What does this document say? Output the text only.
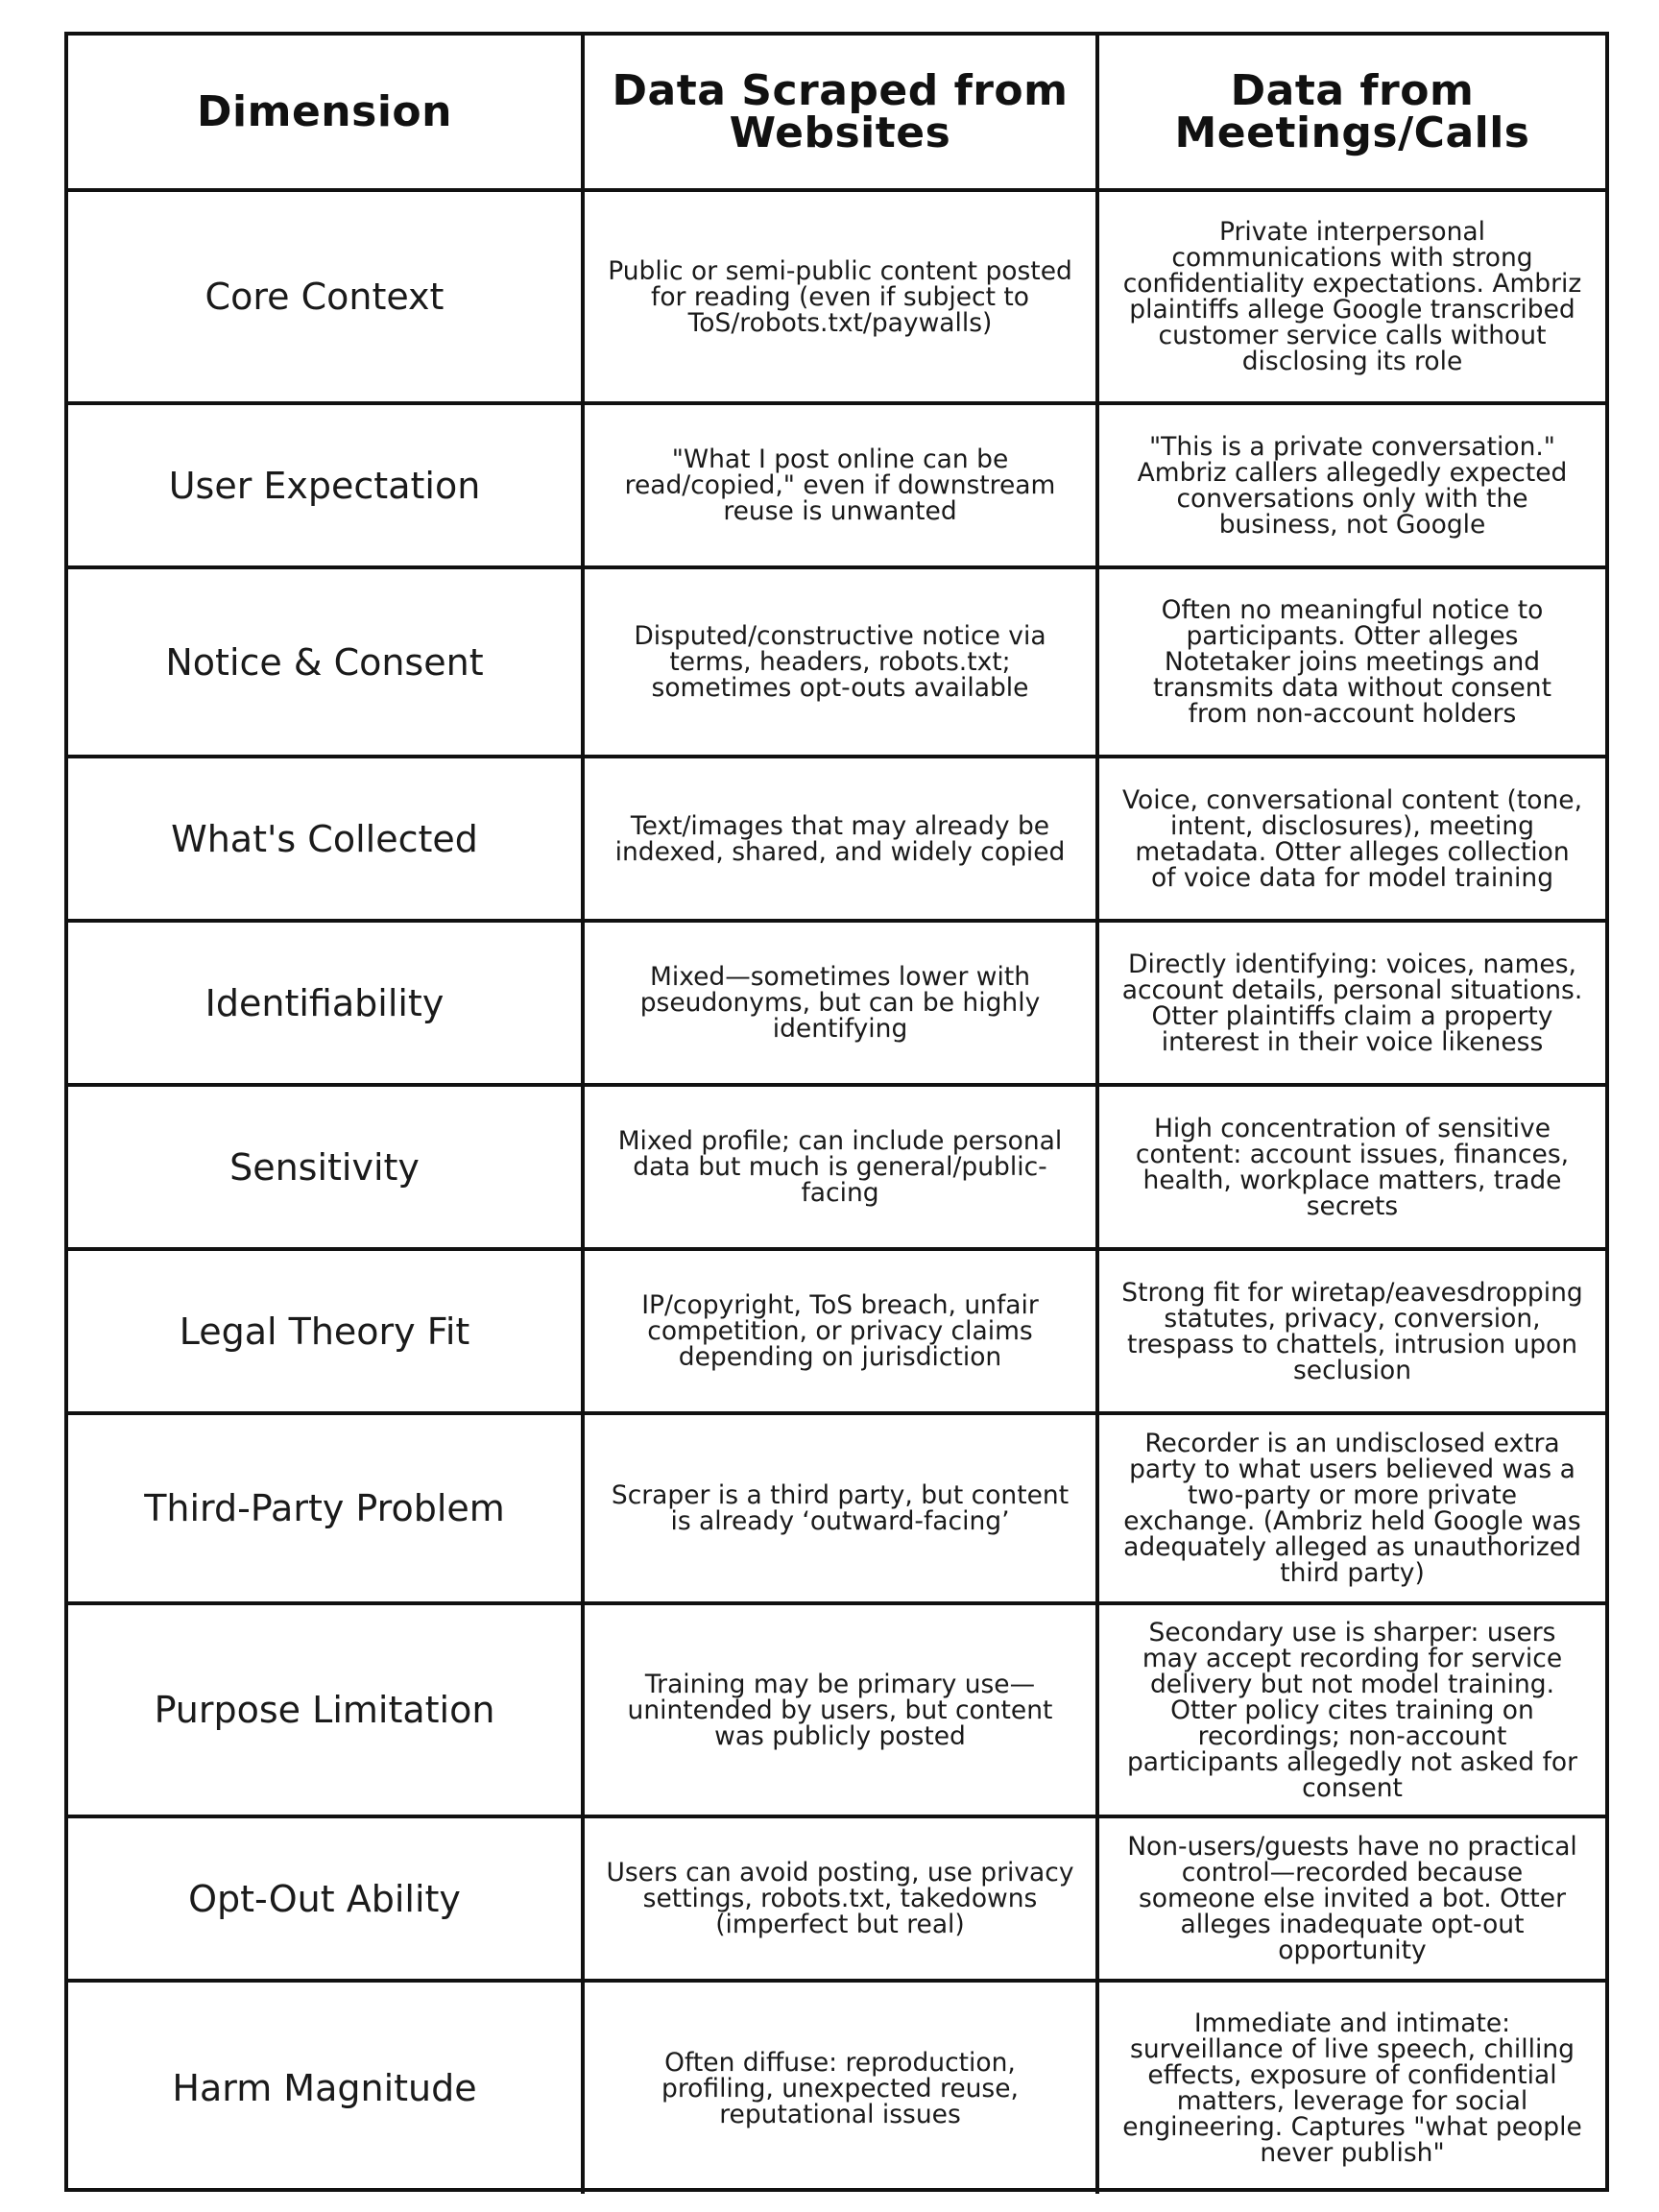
Dimension	Data Scraped from Websites	Data from Meetings/Calls
Core Context	Public or semi-public content posted for reading (even if subject to ToS/robots.txt/paywalls)	Private interpersonal communications with strong confidentiality expectations. Ambriz plaintiffs allege Google transcribed customer service calls without disclosing its role
User Expectation	"What I post online can be read/copied," even if downstream reuse is unwanted	"This is a private conversation." Ambriz callers allegedly expected conversations only with the business, not Google
Notice & Consent	Disputed/constructive notice via terms, headers, robots.txt; sometimes opt-outs available	Often no meaningful notice to participants. Otter alleges Notetaker joins meetings and transmits data without consent from non-account holders
What's Collected	Text/images that may already be indexed, shared, and widely copied	Voice, conversational content (tone, intent, disclosures), meeting metadata. Otter alleges collection of voice data for model training
Identifiability	Mixed—sometimes lower with pseudonyms, but can be highly identifying	Directly identifying: voices, names, account details, personal situations. Otter plaintiffs claim a property interest in their voice likeness
Sensitivity	Mixed profile; can include personal data but much is general/public-facing	High concentration of sensitive content: account issues, finances, health, workplace matters, trade secrets
Legal Theory Fit	IP/copyright, ToS breach, unfair competition, or privacy claims depending on jurisdiction	Strong fit for wiretap/eavesdropping statutes, privacy, conversion, trespass to chattels, intrusion upon seclusion
Third-Party Problem	Scraper is a third party, but content is already ‘outward-facing’	Recorder is an undisclosed extra party to what users believed was a two-party or more private exchange. (Ambriz held Google was adequately alleged as unauthorized third party)
Purpose Limitation	Training may be primary use—unintended by users, but content was publicly posted	Secondary use is sharper: users may accept recording for service delivery but not model training. Otter policy cites training on recordings; non-account participants allegedly not asked for consent
Opt-Out Ability	Users can avoid posting, use privacy settings, robots.txt, takedowns (imperfect but real)	Non-users/guests have no practical control—recorded because someone else invited a bot. Otter alleges inadequate opt-out opportunity
Harm Magnitude	Often diffuse: reproduction, profiling, unexpected reuse, reputational issues	Immediate and intimate: surveillance of live speech, chilling effects, exposure of confidential matters, leverage for social engineering. Captures "what people never publish"
